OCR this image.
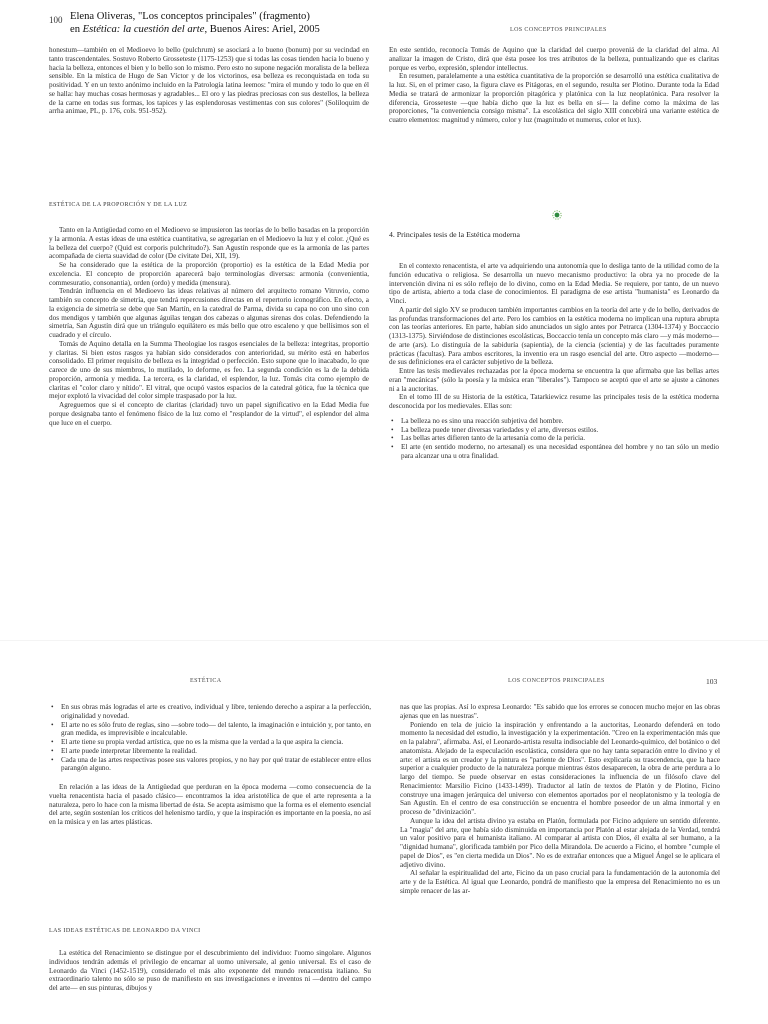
100 Elena Oliveras, "Los conceptos principales" (fragmento)
en Estética: la cuestión del arte, Buenos Aires: Ariel, 2005	LOS CONCEPTOS PRINCIPALES

honestum—también en el Medioevo lo bello (pulchrum) se asociará a lo bueno (bonum) por su vecindad en tanto trascendentales. Sostuvo Roberto Grosseteste (1175-1253) que si todas las cosas tienden hacia lo bueno y hacia la belleza, entonces el bien y lo bello son lo mismo. Pero esto no supone negación moralista de la belleza sensible. En la mística de Hugo de San Víctor y de los victorinos, esa belleza es reconquistada en toda su positividad. Y en un texto anónimo incluido en la Patrología latina leemos: "mira el mundo y todo lo que en él se halla: hay muchas cosas hermosas y agradables... El oro y las piedras preciosas con sus destellos, la belleza de la carne en todas sus formas, los tapices y las esplendorosas vestimentas con sus colores" (Soliloquim de arrha animae, PL, p. 176, cols. 951-952).

ESTÉTICA DE LA PROPORCIÓN Y DE LA LUZ

Tanto en la Antigüedad como en el Medioevo se impusieron las teorías de lo bello basadas en la proporción y la armonía. A estas ideas de una estética cuantitativa, se agregarían en el Medioevo la luz y el color. ¿Qué es la belleza del cuerpo? (Quid est corporis pulchritudo?). San Agustín responde que es la armonía de las partes acompañada de cierta suavidad de color (De civitate Dei, XII, 19).

Se ha considerado que la estética de la proporción (proportio) es la estética de la Edad Media por excelencia. El concepto de proporción aparecerá bajo terminologías diversas: armonía (convenientia, commesuratio, consonantia), orden (ordo) y medida (mensura).

Tendrán influencia en el Medioevo las ideas relativas al número del arquitecto romano Vitruvio, como también su concepto de simetría, que tendrá repercusiones directas en el repertorio iconográfico. En efecto, a la exigencia de simetría se debe que San Martín, en la catedral de Parma, divida su capa no con uno sino con dos mendigos y también que algunas águilas tengan dos cabezas o algunas sirenas dos colas. Defendiendo la simetría, San Agustín dirá que un triángulo equilátero es más bello que otro escaleno y que bellísimos son el cuadrado y el círculo.

Tomás de Aquino detalla en la Summa Theologiae los rasgos esenciales de la belleza: integritas, proportio y claritas. Si bien estos rasgos ya habían sido considerados con anterioridad, su mérito está en haberlos consolidado. El primer requisito de belleza es la integridad o perfección. Esto supone que lo inacabado, lo que carece de uno de sus miembros, lo mutilado, lo deforme, es feo. La segunda condición es la de la debida proporción, armonía y medida. La tercera, es la claridad, el esplendor, la luz. Tomás cita como ejemplo de claritas el "color claro y nítido". El vitral, que ocupó vastos espacios de la catedral gótica, fue la técnica que mejor explotó la vivacidad del color simple traspasado por la luz.

Agreguemos que si el concepto de claritas (claridad) tuvo un papel significativo en la Edad Media fue porque designaba tanto el fenómeno físico de la luz como el "resplandor de la virtud", el esplendor del alma que luce en el cuerpo.

En este sentido, reconocía Tomás de Aquino que la claridad del cuerpo proveniá de la claridad del alma. Al analizar la imagen de Cristo, dirá que ésta posee los tres atributos de la belleza, puntualizando que es claritas porque es verbo, expresión, splendor intellectus.

En resumen, paralelamente a una estética cuantitativa de la proporción se desarrolló una estética cualitativa de la luz. Si, en el primer caso, la figura clave es Pitágoras, en el segundo, resulta ser Plotino. Durante toda la Edad Media se tratará de armonizar la proporción pitagórica y platónica con la luz neoplatónica. Para resolver la diferencia, Grosseteste —que había dicho que la luz es bella en sí— la define como la máxima de las proporciones, "la conveniencia consigo misma". La escolástica del siglo XIII concebirá una variante estética de cuatro elementos: magnitud y número, color y luz (magnitudo et numerus, color et lux).

4. Principales tesis de la Estética moderna

En el contexto renacentista, el arte va adquiriendo una autonomía que lo desliga tanto de la utilidad como de la función educativa o religiosa. Se desarrolla un nuevo mecanismo productivo: la obra ya no procede de la intervención divina ni es sólo reflejo de lo divino, como en la Edad Media. Se requiere, por tanto, de un nuevo tipo de artista, abierto a toda clase de conocimientos. El paradigma de ese artista "humanista" es Leonardo da Vinci.

A partir del siglo XV se producen también importantes cambios en la teoría del arte y de lo bello, derivados de las profundas transformaciones del arte. Pero los cambios en la estética moderna no implican una ruptura abrupta con las teorías anteriores. En parte, habían sido anunciados un siglo antes por Petrarca (1304-1374) y Boccaccio (1313-1375). Sirviéndose de distinciones escolásticas, Boccaccio tenía un concepto más claro —y más moderno— de arte (ars). Lo distinguía de la sabiduría (sapientia), de la ciencia (scientia) y de las facultades puramente prácticas (facultas). Para ambos escritores, la inventio era un rasgo esencial del arte. Otro aspecto —moderno— de sus definiciones era el carácter subjetivo de la belleza.

Entre las tesis medievales rechazadas por la época moderna se encuentra la que afirmaba que las bellas artes eran "mecánicas" (sólo la poesía y la música eran "liberales"). Tampoco se aceptó que el arte se ajuste a cánones ni a la auctoritas.

En el tomo III de su Historia de la estética, Tatarkiewicz resume las principales tesis de la estética moderna desconocida por los medievales. Ellas son:

• La belleza no es sino una reacción subjetiva del hombre.
• La belleza puede tener diversas variedades y el arte, diversos estilos.
• Las bellas artes difieren tanto de la artesanía como de la pericia.
• El arte (en sentido moderno, no artesanal) es una necesidad espontánea del hombre y no tan sólo un medio para alcanzar una u otra finalidad.
ESTÉTICA
• En sus obras más logradas el arte es creativo, individual y libre, teniendo derecho a aspirar a la perfección, originalidad y novedad.
• El arte no es sólo fruto de reglas, sino —sobre todo— del talento, la imaginación e intuición y, por tanto, en gran medida, es imprevisible e incalculable.
• El arte tiene su propia verdad artística, que no es la misma que la verdad a la que aspira la ciencia.
• El arte puede interpretar libremente la realidad.
• Cada una de las artes respectivas posee sus valores propios, y no hay por qué tratar de establecer entre ellos parangón alguno.

En relación a las ideas de la Antigüedad que perduran en la época moderna —como consecuencia de la vuelta renacentista hacia el pasado clásico— encontramos la idea aristotélica de que el arte representa a la naturaleza, pero lo hace con la misma libertad de ésta. Se acepta asimismo que la forma es el elemento esencial del arte, según sostenían los críticos del helenismo tardío, y que la inspiración es importante en la poesía, no así en la música y en las artes plásticas.

LAS IDEAS ESTÉTICAS DE LEONARDO DA VINCI

La estética del Renacimiento se distingue por el descubrimiento del individuo: l'uomo singolare. Algunos individuos tendrán además el privilegio de encarnar al uomo universale, al genio universal. Es el caso de Leonardo da Vinci (1452-1519), considerado el más alto exponente del mundo renacentista italiano. Su extraordinario talento no sólo se puso de manifiesto en sus investigaciones e inventos ni —dentro del campo del arte— en sus pinturas, dibujos y

LOS CONCEPTOS PRINCIPALES	103

nas que las propias. Así lo expresa Leonardo: "Es sabido que los errores se conocen mucho mejor en las obras ajenas que en las nuestras".

Poniendo en tela de juicio la inspiración y enfrentando a la auctoritas, Leonardo defenderá en todo momento la necesidad del estudio, la investigación y la experimentación. "Creo en la experimentación más que en la palabra", afirmaba. Así, el Leonardo-artista resulta indisociable del Leonardo-químico, del botánico o del anatomista. Alejado de la especulación escolástica, considera que no hay tanta separación entre lo divino y el arte: el artista es un creador y la pintura es "pariente de Dios". Esto explicaría su trascendencia, que la hace superior a cualquier producto de la naturaleza porque mientras éstos desaparecen, la obra de arte perdura a lo largo del tiempo. Se puede observar en estas consideraciones la influencia de un filósofo clave del Renacimiento: Marsilio Ficino (1433-1499). Traductor al latín de textos de Platón y de Plotino, Ficino construye una imagen jerárquica del universo con elementos aportados por el neoplatonismo y la teología de San Agustín. En el centro de esa construcción se encuentra el hombre poseedor de un alma inmortal y en proceso de "divinización".

Aunque la idea del artista divino ya estaba en Platón, formulada por Ficino adquiere un sentido diferente. La "magia" del arte, que había sido disminuida en importancia por Platón al estar alejada de la Verdad, tendrá un valor positivo para el humanista italiano. Al comparar al artista con Dios, él exalta al ser humano, a la "dignidad humana", glorificada también por Pico della Mirandola. De acuerdo a Ficino, el hombre "cumple el papel de Dios", es "en cierta medida un Dios". No es de extrañar entonces que a Miguel Ángel se le aplicara el adjetivo divino.

Al señalar la espiritualidad del arte, Ficino da un paso crucial para la fundamentación de la autonomía del arte y de la Estética. Al igual que Leonardo, pondrá de manifiesto que la empresa del Renacimiento no es un simple renacer de las ar-
